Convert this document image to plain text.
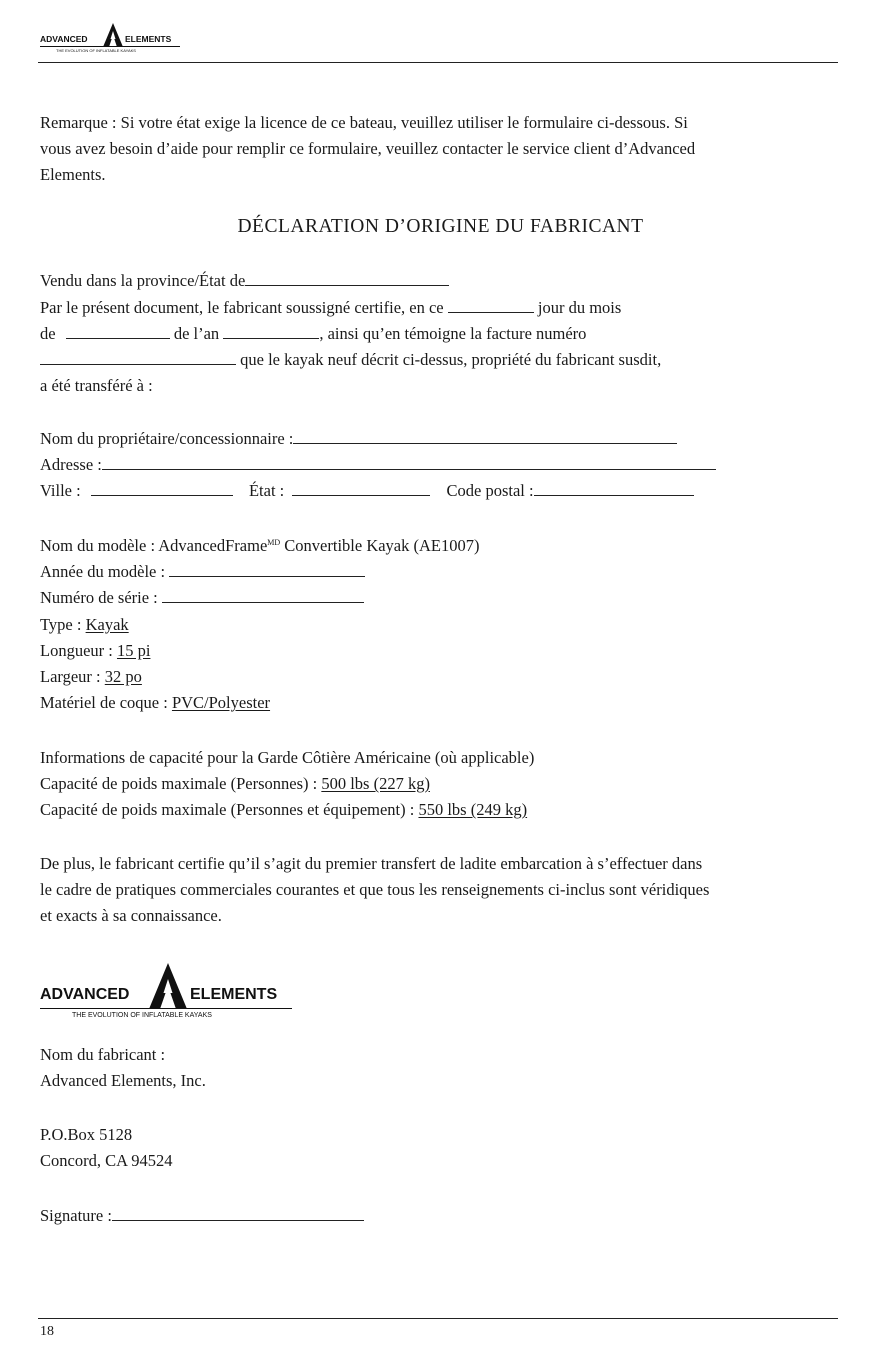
ADVANCED	ELEMENTS
THE EVOLUTION OF INFLATABLE KAYAKS
Remarque : Si votre état exige la licence de ce bateau, veuillez utiliser le formulaire ci-dessous. Si
vous avez besoin d’aide pour remplir ce formulaire, veuillez contacter le service client d’Advanced
Elements.
DÉCLARATION D’ORIGINE DU FABRICANT
Vendu dans la province/État de
Par le présent document, le fabricant soussigné certifie, en ce	jour du mois
de	de l’an	, ainsi qu’en témoigne la facture numéro
que le kayak neuf décrit ci-dessus, propriété du fabricant susdit,
a été transféré à :
Nom du propriétaire/concessionnaire :
Adresse :
Ville :	État :	Code postal :
Nom du modèle : AdvancedFrame$^{MD}$ Convertible Kayak (AE1007)
Année du modèle :
Numéro de série :
Type : Kayak
Longueur : 15 pi
Largeur : 32 po
Matériel de coque : PVC/Polyester
Informations de capacité pour la Garde Côtière Américaine (où applicable)
Capacité de poids maximale (Personnes) : 500 lbs (227 kg)
Capacité de poids maximale (Personnes et équipement) : 550 lbs (249 kg)
De plus, le fabricant certifie qu’il s’agit du premier transfert de ladite embarcation à s’effectuer dans
le cadre de pratiques commerciales courantes et que tous les renseignements ci-inclus sont véridiques
et exacts à sa connaissance.
ADVANCED	ELEMENTS
THE EVOLUTION OF INFLATABLE KAYAKS
Nom du fabricant :
Advanced Elements, Inc.
P.O.Box 5128
Concord, CA 94524
Signature :
18
